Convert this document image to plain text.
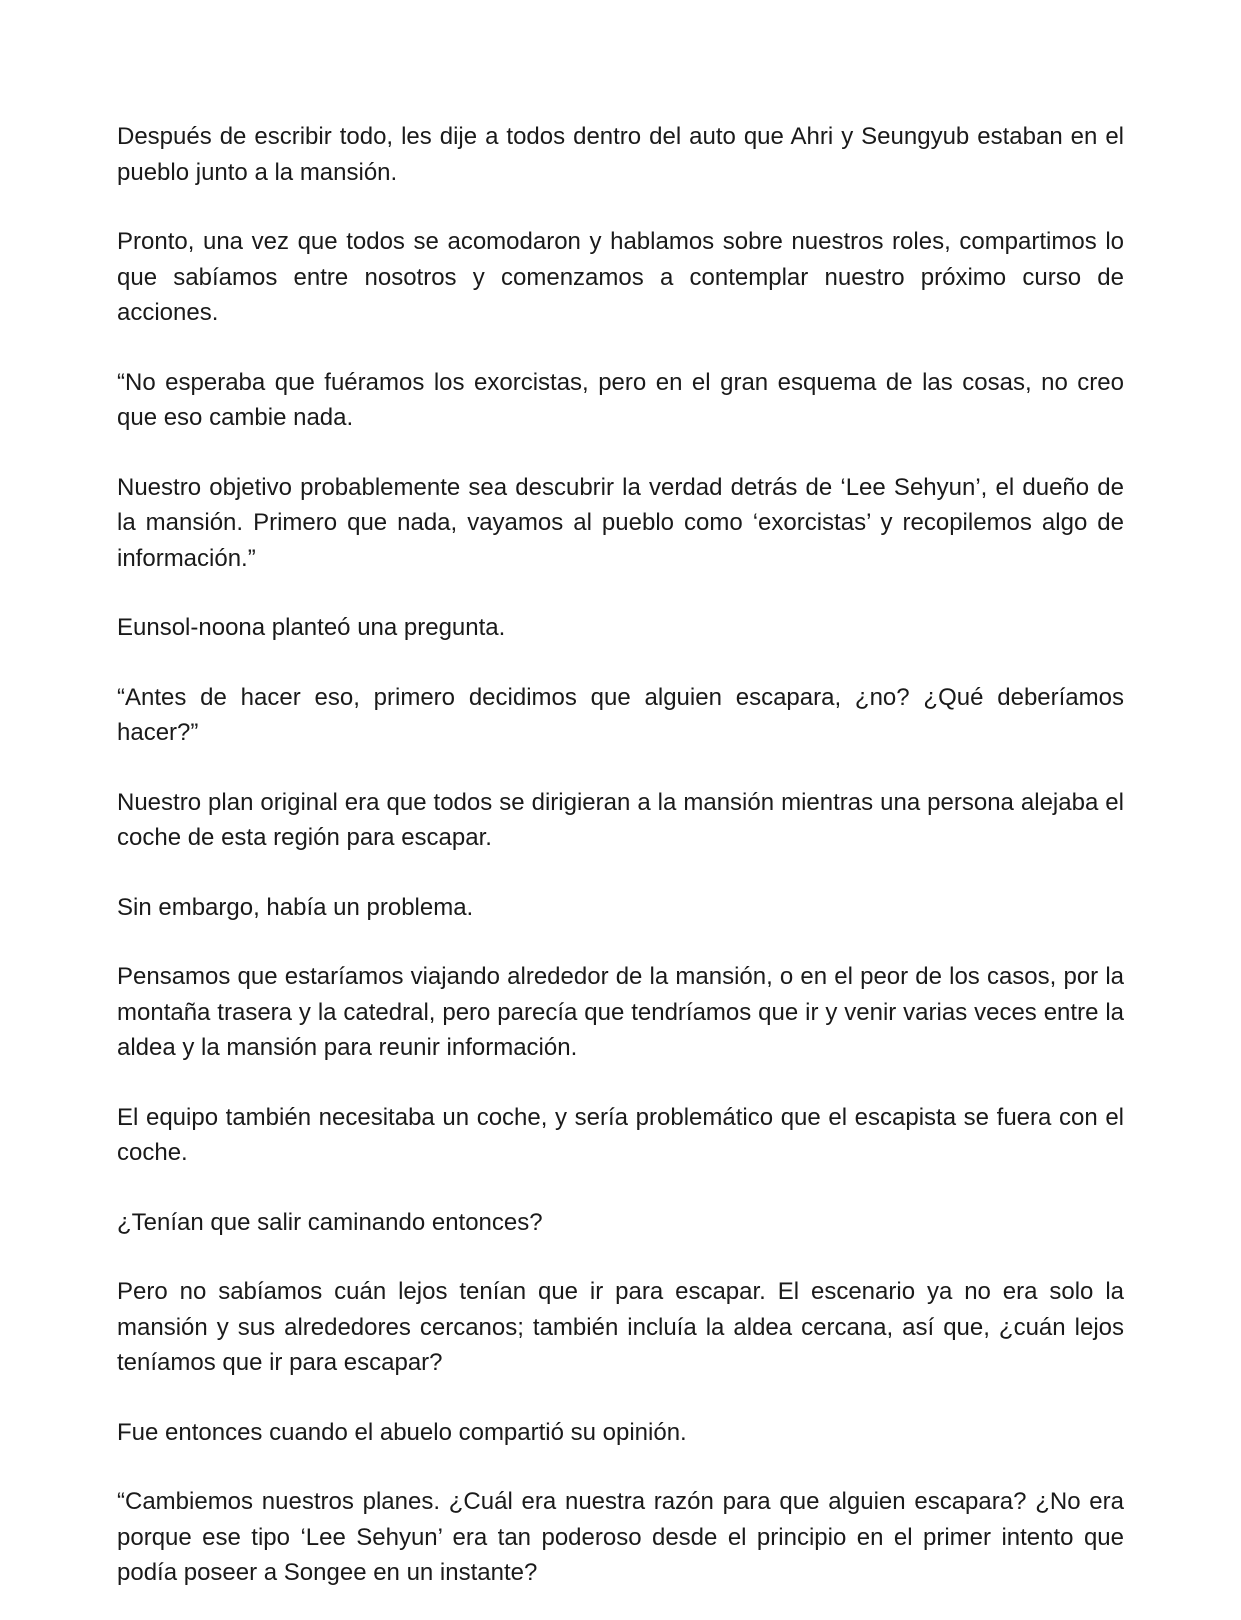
Después de escribir todo, les dije a todos dentro del auto que Ahri y Seungyub estaban en el pueblo junto a la mansión.

Pronto, una vez que todos se acomodaron y hablamos sobre nuestros roles, compartimos lo que sabíamos entre nosotros y comenzamos a contemplar nuestro próximo curso de acciones.

“No esperaba que fuéramos los exorcistas, pero en el gran esquema de las cosas, no creo que eso cambie nada.

Nuestro objetivo probablemente sea descubrir la verdad detrás de ‘Lee Sehyun’, el dueño de la mansión. Primero que nada, vayamos al pueblo como ‘exorcistas’ y recopilemos algo de información.”

Eunsol-noona planteó una pregunta.

“Antes de hacer eso, primero decidimos que alguien escapara, ¿no? ¿Qué deberíamos hacer?”

Nuestro plan original era que todos se dirigieran a la mansión mientras una persona alejaba el coche de esta región para escapar.

Sin embargo, había un problema.

Pensamos que estaríamos viajando alrededor de la mansión, o en el peor de los casos, por la montaña trasera y la catedral, pero parecía que tendríamos que ir y venir varias veces entre la aldea y la mansión para reunir información.

El equipo también necesitaba un coche, y sería problemático que el escapista se fuera con el coche.

¿Tenían que salir caminando entonces?

Pero no sabíamos cuán lejos tenían que ir para escapar. El escenario ya no era solo la mansión y sus alrededores cercanos; también incluía la aldea cercana, así que, ¿cuán lejos teníamos que ir para escapar?

Fue entonces cuando el abuelo compartió su opinión.

“Cambiemos nuestros planes. ¿Cuál era nuestra razón para que alguien escapara? ¿No era porque ese tipo ‘Lee Sehyun’ era tan poderoso desde el principio en el primer intento que podía poseer a Songee en un instante?
